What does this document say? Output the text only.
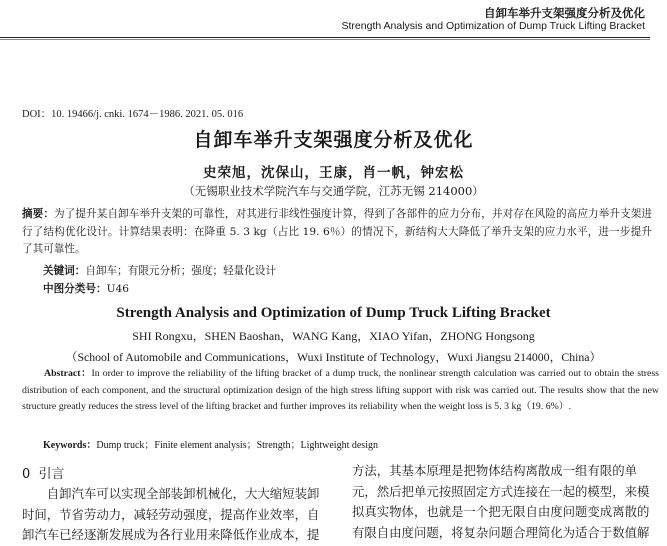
自卸车举升支架强度分析及优化
Strength Analysis and Optimization of Dump Truck Lifting Bracket
DOI：10. 19466/j. cnki. 1674－1986. 2021. 05. 016
自卸车举升支架强度分析及优化
史荣旭，沈保山，王康，肖一帆，钟宏松
（无锡职业技术学院汽车与交通学院，江苏无锡 214000）
摘要：为了提升某自卸车举升支架的可靠性，对其进行非线性强度计算，得到了各部件的应力分布，并对存在风险的高应力举升支架进行了结构优化设计。计算结果表明：在降重 5. 3 kg（占比 19. 6％）的情况下，新结构大大降低了举升支架的应力水平，进一步提升了其可靠性。
关键词：自卸车；有限元分析；强度；轻量化设计
中图分类号：U46
Strength Analysis and Optimization of Dump Truck Lifting Bracket
SHI Rongxu，SHEN Baoshan，WANG Kang，XIAO Yifan，ZHONG Hongsong
（School of Automobile and Communications，Wuxi Institute of Technology，Wuxi Jiangsu 214000，China）
Abstract：In order to improve the reliability of the lifting bracket of a dump truck, the nonlinear strength calculation was carried out to obtain the stress distribution of each component, and the structural optimization design of the high stress lifting support with risk was carried out. The results show that the new structure greatly reduces the stress level of the lifting bracket and further improves its reliability when the weight loss is 5. 3 kg（19. 6%）.
Keywords：Dump truck；Finite element analysis；Strength；Lightweight design
0 引言
　　自卸汽车可以实现全部装卸机械化，大大缩短装卸
时间，节省劳动力，减轻劳动强度，提高作业效率，自
卸汽车已经逐渐发展成为各行业用来降低作业成本，提
方法，其基本原理是把物体结构离散成一组有限的单
元，然后把单元按照固定方式连接在一起的模型，来模
拟真实物体，也就是一个把无限自由度问题变成离散的
有限自由度问题，将复杂问题合理简化为适合于数值解
